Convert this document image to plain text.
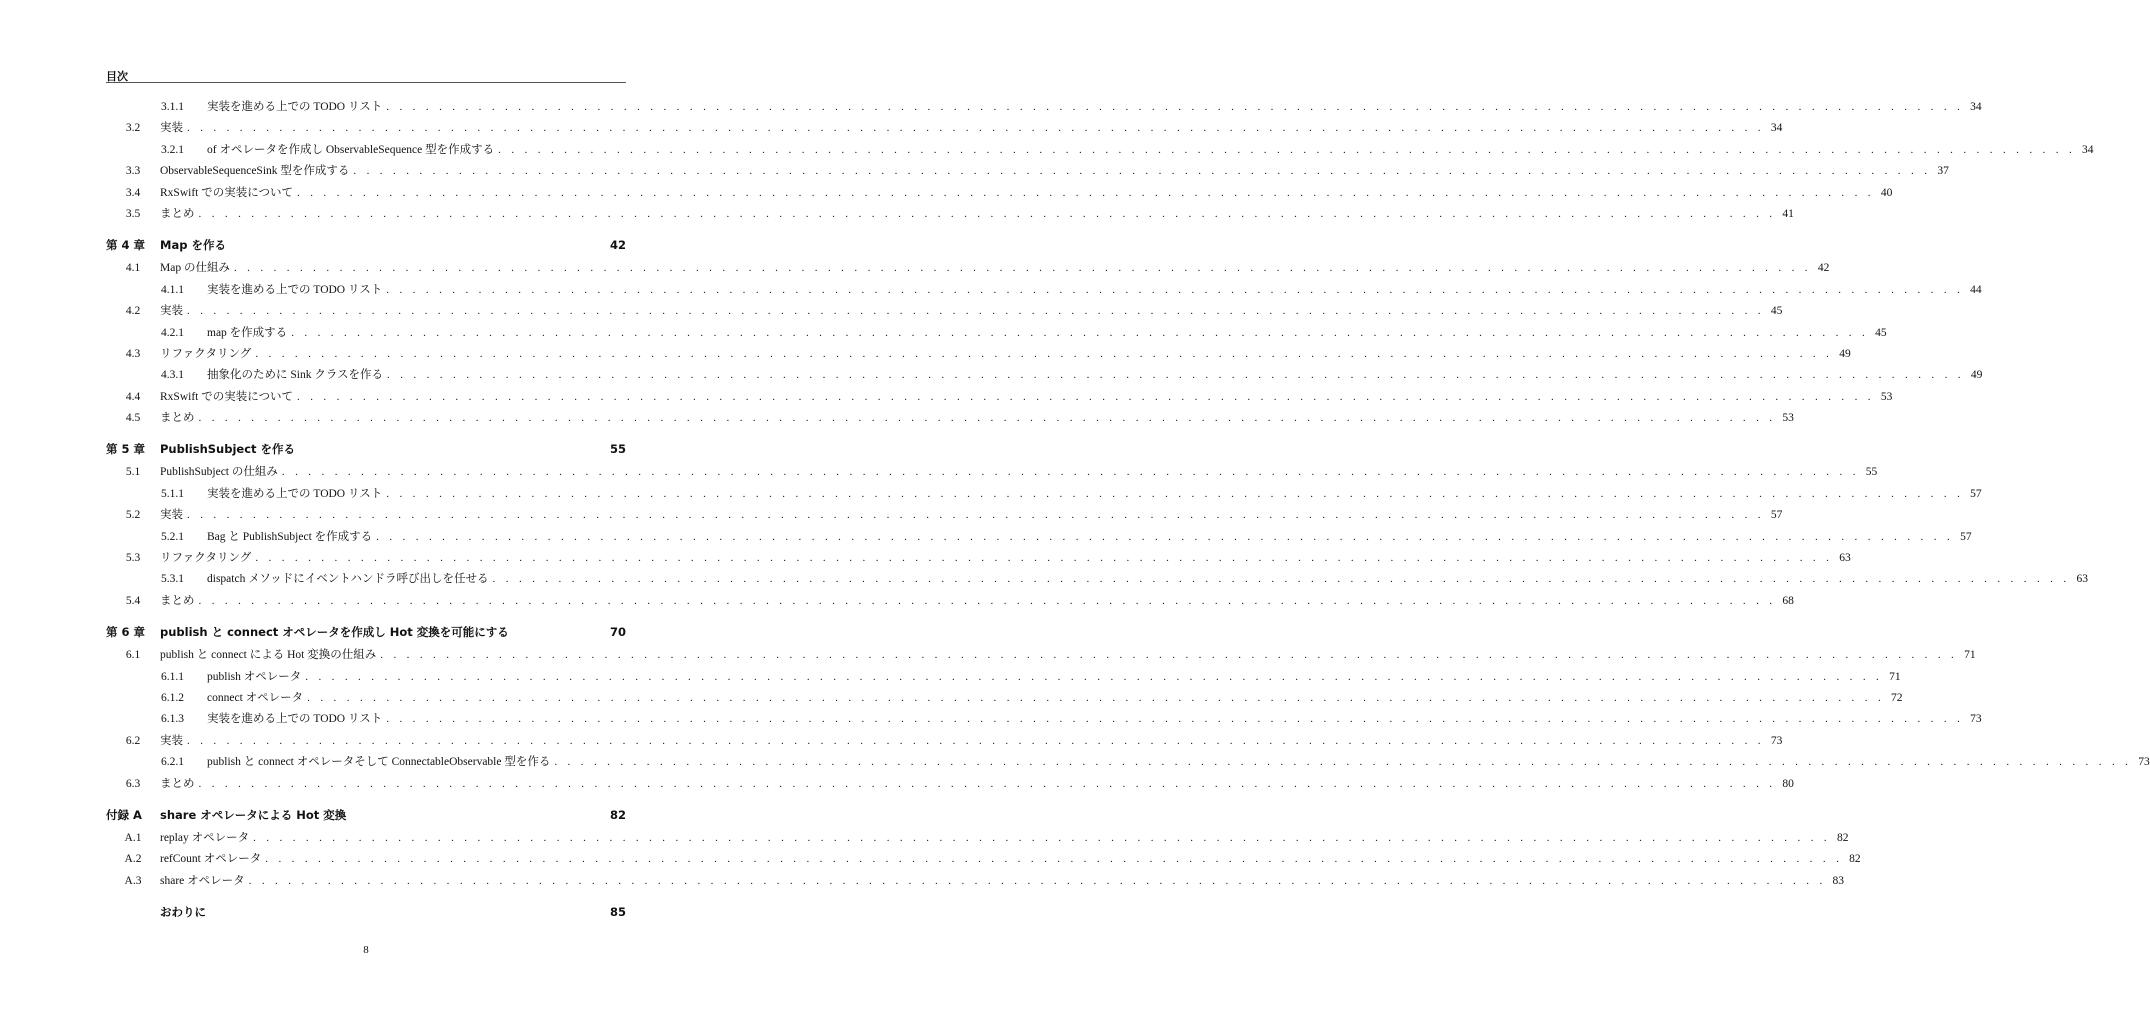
目次
3.1.1	実装を進める上での TODO リスト . . . . . . . . . . . . . . . . . . . . . . . . . . . . . . . . . . . . . . . . . . . . . . . . . . . . . . . . . . . . . . . . . . . . . . . . . . . . . . . . . . . . . . . . . . . . . . . . . . . . . . . . . . . . . . . . . . . . . . . . 34
3.2	実装 . . . . . . . . . . . . . . . . . . . . . . . . . . . . . . . . . . . . . . . . . . . . . . . . . . . . . . . . . . . . . . . . . . . . . . . . . . . . . . . . . . . . . . . . . . . . . . . . . . . . . . . . . . . . . . . . . . . . . . . . 34
3.2.1	of オペレータを作成し ObservableSequence 型を作成する . . . . . . . . . . . . . . . . . . . . . . . . . . . . . . . . . . . . . . . . . . . . . . . . . . . . . . . . . . . . . . . . . . . . . . . . . . . . . . . . . . . . . . . . . . . . . . . . . . . . . . . . . . . . . . . . . . . . . . . . 34
3.3	ObservableSequenceSink 型を作成する . . . . . . . . . . . . . . . . . . . . . . . . . . . . . . . . . . . . . . . . . . . . . . . . . . . . . . . . . . . . . . . . . . . . . . . . . . . . . . . . . . . . . . . . . . . . . . . . . . . . . . . . . . . . . . . . . . . . . . . . 37
3.4	RxSwift での実装について . . . . . . . . . . . . . . . . . . . . . . . . . . . . . . . . . . . . . . . . . . . . . . . . . . . . . . . . . . . . . . . . . . . . . . . . . . . . . . . . . . . . . . . . . . . . . . . . . . . . . . . . . . . . . . . . . . . . . . . . 40
3.5	まとめ . . . . . . . . . . . . . . . . . . . . . . . . . . . . . . . . . . . . . . . . . . . . . . . . . . . . . . . . . . . . . . . . . . . . . . . . . . . . . . . . . . . . . . . . . . . . . . . . . . . . . . . . . . . . . . . . . . . . . . . . 41
第 4 章	Map を作る	42
4.1	Map の仕組み . . . . . . . . . . . . . . . . . . . . . . . . . . . . . . . . . . . . . . . . . . . . . . . . . . . . . . . . . . . . . . . . . . . . . . . . . . . . . . . . . . . . . . . . . . . . . . . . . . . . . . . . . . . . . . . . . . . . . . . . 42
4.1.1	実装を進める上での TODO リスト . . . . . . . . . . . . . . . . . . . . . . . . . . . . . . . . . . . . . . . . . . . . . . . . . . . . . . . . . . . . . . . . . . . . . . . . . . . . . . . . . . . . . . . . . . . . . . . . . . . . . . . . . . . . . . . . . . . . . . . . 44
4.2	実装 . . . . . . . . . . . . . . . . . . . . . . . . . . . . . . . . . . . . . . . . . . . . . . . . . . . . . . . . . . . . . . . . . . . . . . . . . . . . . . . . . . . . . . . . . . . . . . . . . . . . . . . . . . . . . . . . . . . . . . . . 45
4.2.1	map を作成する . . . . . . . . . . . . . . . . . . . . . . . . . . . . . . . . . . . . . . . . . . . . . . . . . . . . . . . . . . . . . . . . . . . . . . . . . . . . . . . . . . . . . . . . . . . . . . . . . . . . . . . . . . . . . . . . . . . . . . . . 45
4.3	リファクタリング . . . . . . . . . . . . . . . . . . . . . . . . . . . . . . . . . . . . . . . . . . . . . . . . . . . . . . . . . . . . . . . . . . . . . . . . . . . . . . . . . . . . . . . . . . . . . . . . . . . . . . . . . . . . . . . . . . . . . . . . 49
4.3.1	抽象化のために Sink クラスを作る . . . . . . . . . . . . . . . . . . . . . . . . . . . . . . . . . . . . . . . . . . . . . . . . . . . . . . . . . . . . . . . . . . . . . . . . . . . . . . . . . . . . . . . . . . . . . . . . . . . . . . . . . . . . . . . . . . . . . . . . 49
4.4	RxSwift での実装について . . . . . . . . . . . . . . . . . . . . . . . . . . . . . . . . . . . . . . . . . . . . . . . . . . . . . . . . . . . . . . . . . . . . . . . . . . . . . . . . . . . . . . . . . . . . . . . . . . . . . . . . . . . . . . . . . . . . . . . . 53
4.5	まとめ . . . . . . . . . . . . . . . . . . . . . . . . . . . . . . . . . . . . . . . . . . . . . . . . . . . . . . . . . . . . . . . . . . . . . . . . . . . . . . . . . . . . . . . . . . . . . . . . . . . . . . . . . . . . . . . . . . . . . . . . 53
第 5 章	PublishSubject を作る	55
5.1	PublishSubject の仕組み . . . . . . . . . . . . . . . . . . . . . . . . . . . . . . . . . . . . . . . . . . . . . . . . . . . . . . . . . . . . . . . . . . . . . . . . . . . . . . . . . . . . . . . . . . . . . . . . . . . . . . . . . . . . . . . . . . . . . . . . 55
5.1.1	実装を進める上での TODO リスト . . . . . . . . . . . . . . . . . . . . . . . . . . . . . . . . . . . . . . . . . . . . . . . . . . . . . . . . . . . . . . . . . . . . . . . . . . . . . . . . . . . . . . . . . . . . . . . . . . . . . . . . . . . . . . . . . . . . . . . . 57
5.2	実装 . . . . . . . . . . . . . . . . . . . . . . . . . . . . . . . . . . . . . . . . . . . . . . . . . . . . . . . . . . . . . . . . . . . . . . . . . . . . . . . . . . . . . . . . . . . . . . . . . . . . . . . . . . . . . . . . . . . . . . . . 57
5.2.1	Bag と PublishSubject を作成する . . . . . . . . . . . . . . . . . . . . . . . . . . . . . . . . . . . . . . . . . . . . . . . . . . . . . . . . . . . . . . . . . . . . . . . . . . . . . . . . . . . . . . . . . . . . . . . . . . . . . . . . . . . . . . . . . . . . . . . . 57
5.3	リファクタリング . . . . . . . . . . . . . . . . . . . . . . . . . . . . . . . . . . . . . . . . . . . . . . . . . . . . . . . . . . . . . . . . . . . . . . . . . . . . . . . . . . . . . . . . . . . . . . . . . . . . . . . . . . . . . . . . . . . . . . . . 63
5.3.1	dispatch メソッドにイベントハンドラ呼び出しを任せる . . . . . . . . . . . . . . . . . . . . . . . . . . . . . . . . . . . . . . . . . . . . . . . . . . . . . . . . . . . . . . . . . . . . . . . . . . . . . . . . . . . . . . . . . . . . . . . . . . . . . . . . . . . . . . . . . . . . . . . . 63
5.4	まとめ . . . . . . . . . . . . . . . . . . . . . . . . . . . . . . . . . . . . . . . . . . . . . . . . . . . . . . . . . . . . . . . . . . . . . . . . . . . . . . . . . . . . . . . . . . . . . . . . . . . . . . . . . . . . . . . . . . . . . . . . 68
第 6 章	publish と connect オペレータを作成し Hot 変換を可能にする	70
6.1	publish と connect による Hot 変換の仕組み . . . . . . . . . . . . . . . . . . . . . . . . . . . . . . . . . . . . . . . . . . . . . . . . . . . . . . . . . . . . . . . . . . . . . . . . . . . . . . . . . . . . . . . . . . . . . . . . . . . . . . . . . . . . . . . . . . . . . . . . 71
6.1.1	publish オペレータ . . . . . . . . . . . . . . . . . . . . . . . . . . . . . . . . . . . . . . . . . . . . . . . . . . . . . . . . . . . . . . . . . . . . . . . . . . . . . . . . . . . . . . . . . . . . . . . . . . . . . . . . . . . . . . . . . . . . . . . . 71
6.1.2	connect オペレータ . . . . . . . . . . . . . . . . . . . . . . . . . . . . . . . . . . . . . . . . . . . . . . . . . . . . . . . . . . . . . . . . . . . . . . . . . . . . . . . . . . . . . . . . . . . . . . . . . . . . . . . . . . . . . . . . . . . . . . . . 72
6.1.3	実装を進める上での TODO リスト . . . . . . . . . . . . . . . . . . . . . . . . . . . . . . . . . . . . . . . . . . . . . . . . . . . . . . . . . . . . . . . . . . . . . . . . . . . . . . . . . . . . . . . . . . . . . . . . . . . . . . . . . . . . . . . . . . . . . . . . 73
6.2	実装 . . . . . . . . . . . . . . . . . . . . . . . . . . . . . . . . . . . . . . . . . . . . . . . . . . . . . . . . . . . . . . . . . . . . . . . . . . . . . . . . . . . . . . . . . . . . . . . . . . . . . . . . . . . . . . . . . . . . . . . . 73
6.2.1	publish と connect オペレータそして ConnectableObservable 型を作る . . . . . . . . . . . . . . . . . . . . . . . . . . . . . . . . . . . . . . . . . . . . . . . . . . . . . . . . . . . . . . . . . . . . . . . . . . . . . . . . . . . . . . . . . . . . . . . . . . . . . . . . . . . . . . . . . . . . . . . . 73
6.3	まとめ . . . . . . . . . . . . . . . . . . . . . . . . . . . . . . . . . . . . . . . . . . . . . . . . . . . . . . . . . . . . . . . . . . . . . . . . . . . . . . . . . . . . . . . . . . . . . . . . . . . . . . . . . . . . . . . . . . . . . . . . 80
付録 A	share オペレータによる Hot 変換	82
A.1	replay オペレータ . . . . . . . . . . . . . . . . . . . . . . . . . . . . . . . . . . . . . . . . . . . . . . . . . . . . . . . . . . . . . . . . . . . . . . . . . . . . . . . . . . . . . . . . . . . . . . . . . . . . . . . . . . . . . . . . . . . . . . . . 82
A.2	refCount オペレータ . . . . . . . . . . . . . . . . . . . . . . . . . . . . . . . . . . . . . . . . . . . . . . . . . . . . . . . . . . . . . . . . . . . . . . . . . . . . . . . . . . . . . . . . . . . . . . . . . . . . . . . . . . . . . . . . . . . . . . . . 82
A.3	share オペレータ . . . . . . . . . . . . . . . . . . . . . . . . . . . . . . . . . . . . . . . . . . . . . . . . . . . . . . . . . . . . . . . . . . . . . . . . . . . . . . . . . . . . . . . . . . . . . . . . . . . . . . . . . . . . . . . . . . . . . . . . 83
おわりに	85
8
